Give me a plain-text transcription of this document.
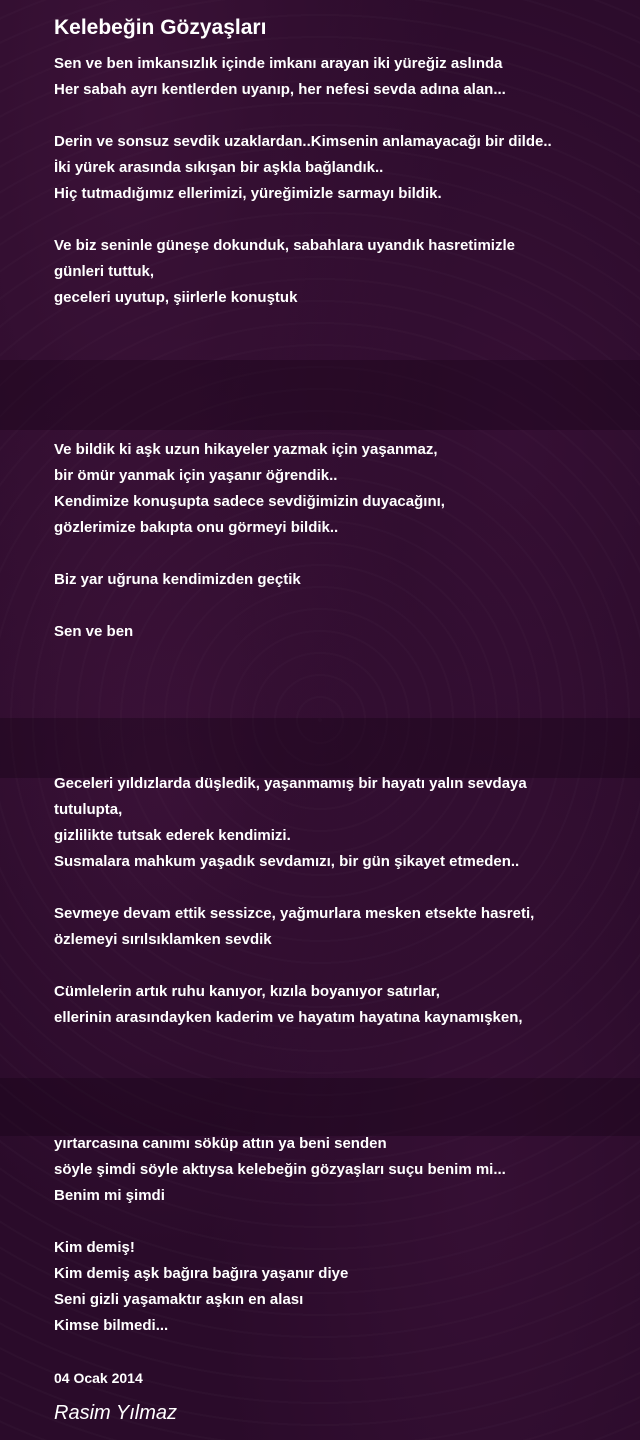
Kelebeğin Gözyaşları

Sen ve ben imkansızlık içinde imkanı arayan iki yüreğiz aslında

Her sabah ayrı kentlerden uyanıp, her nefesi sevda adına alan...

Derin ve sonsuz sevdik uzaklardan..Kimsenin anlamayacağı bir dilde..

İki yürek arasında sıkışan bir aşkla bağlandık..

Hiç tutmadığımız ellerimizi, yüreğimizle sarmayı bildik.

Ve biz seninle güneşe dokunduk, sabahlara uyandık hasretimizle

günleri tuttuk,

geceleri uyutup, şiirlerle konuştuk

Ve bildik ki aşk uzun hikayeler yazmak için yaşanmaz,

bir ömür yanmak için yaşanır öğrendik..

Kendimize konuşupta sadece sevdiğimizin duyacağını,

gözlerimize bakıpta onu görmeyi bildik..

Biz yar uğruna kendimizden geçtik

Sen ve ben

Geceleri yıldızlarda düşledik, yaşanmamış bir hayatı yalın sevdaya

tutulupta,

gizlilikte tutsak ederek kendimizi.

Susmalara mahkum yaşadık sevdamızı, bir gün şikayet etmeden..

Sevmeye devam ettik sessizce, yağmurlara mesken etsekte hasreti,

özlemeyi sırılsıklamken sevdik

Cümlelerin artık ruhu kanıyor, kızıla boyanıyor satırlar,

ellerinin arasındayken kaderim ve hayatım hayatına kaynamışken,

yırtarcasına canımı söküp attın ya beni senden

söyle şimdi söyle aktıysa kelebeğin gözyaşları suçu benim mi...

Benim mi şimdi

Kim demiş!

Kim demiş aşk bağıra bağıra yaşanır diye

Seni gizli yaşamaktır aşkın en alası

Kimse bilmedi...

04 Ocak 2014

Rasim Yılmaz
